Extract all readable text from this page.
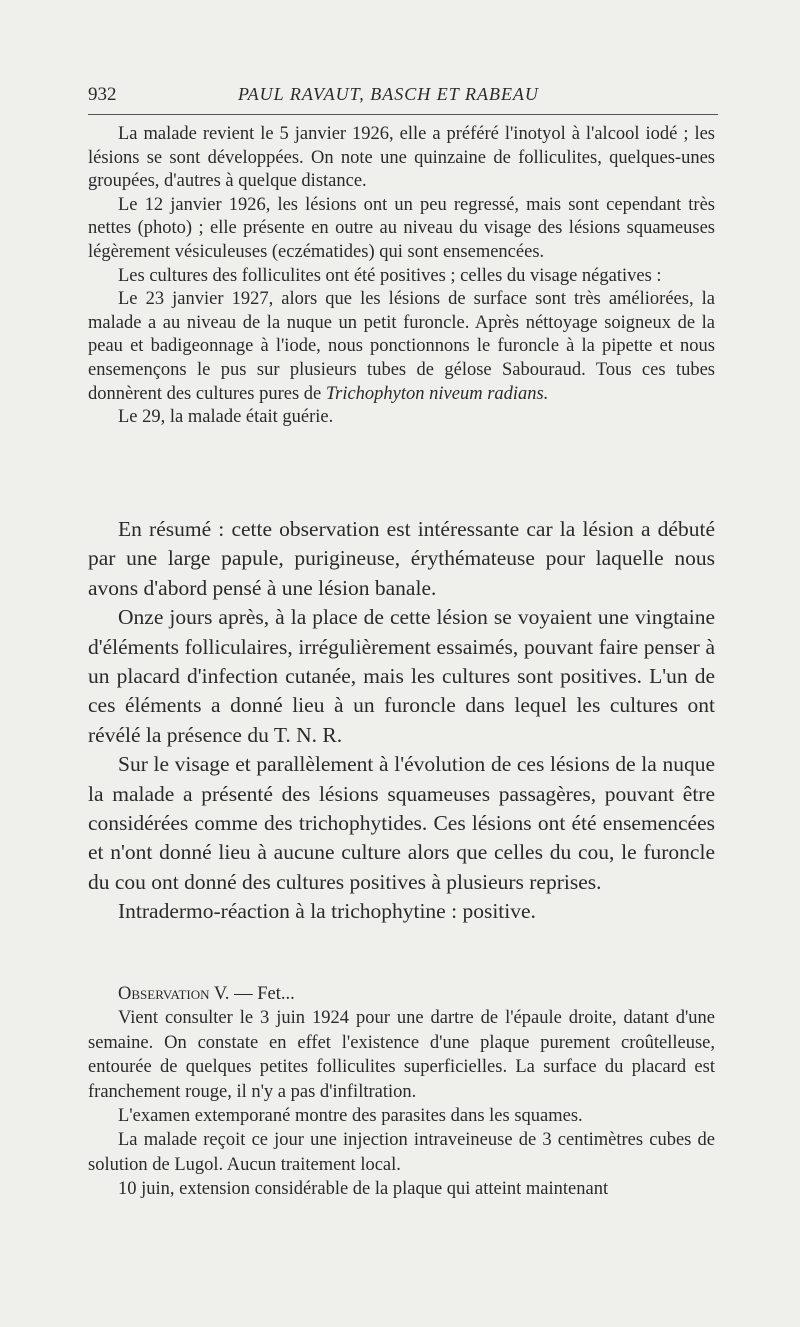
932	PAUL RAVAUT, BASCH ET RABEAU

La malade revient le 5 janvier 1926, elle a préféré l'inotyol à l'alcool iodé ; les lésions se sont développées. On note une quinzaine de folliculites, quelques-unes groupées, d'autres à quelque distance.

Le 12 janvier 1926, les lésions ont un peu regressé, mais sont cependant très nettes (photo) ; elle présente en outre au niveau du visage des lésions squameuses légèrement vésiculeuses (eczématides) qui sont ensemencées.

Les cultures des folliculites ont été positives ; celles du visage négatives :

Le 23 janvier 1927, alors que les lésions de surface sont très améliorées, la malade a au niveau de la nuque un petit furoncle. Après néttoyage soigneux de la peau et badigeonnage à l'iode, nous ponctionnons le furoncle à la pipette et nous ensemençons le pus sur plusieurs tubes de gélose Sabouraud. Tous ces tubes donnèrent des cultures pures de Trichophyton niveum radians.

Le 29, la malade était guérie.

En résumé : cette observation est intéressante car la lésion a débuté par une large papule, purigineuse, érythémateuse pour laquelle nous avons d'abord pensé à une lésion banale.

Onze jours après, à la place de cette lésion se voyaient une vingtaine d'éléments folliculaires, irrégulièrement essaimés, pouvant faire penser à un placard d'infection cutanée, mais les cultures sont positives. L'un de ces éléments a donné lieu à un furoncle dans lequel les cultures ont révélé la présence du T. N. R.

Sur le visage et parallèlement à l'évolution de ces lésions de la nuque la malade a présenté des lésions squameuses passagères, pouvant être considérées comme des trichophytides. Ces lésions ont été ensemencées et n'ont donné lieu à aucune culture alors que celles du cou, le furoncle du cou ont donné des cultures positives à plusieurs reprises.

Intradermo-réaction à la trichophytine : positive.

Observation V. — Fet...

Vient consulter le 3 juin 1924 pour une dartre de l'épaule droite, datant d'une semaine. On constate en effet l'existence d'une plaque purement croûtelleuse, entourée de quelques petites folliculites superficielles. La surface du placard est franchement rouge, il n'y a pas d'infiltration.

L'examen extemporané montre des parasites dans les squames.

La malade reçoit ce jour une injection intraveineuse de 3 centimètres cubes de solution de Lugol. Aucun traitement local.

10 juin, extension considérable de la plaque qui atteint maintenant
